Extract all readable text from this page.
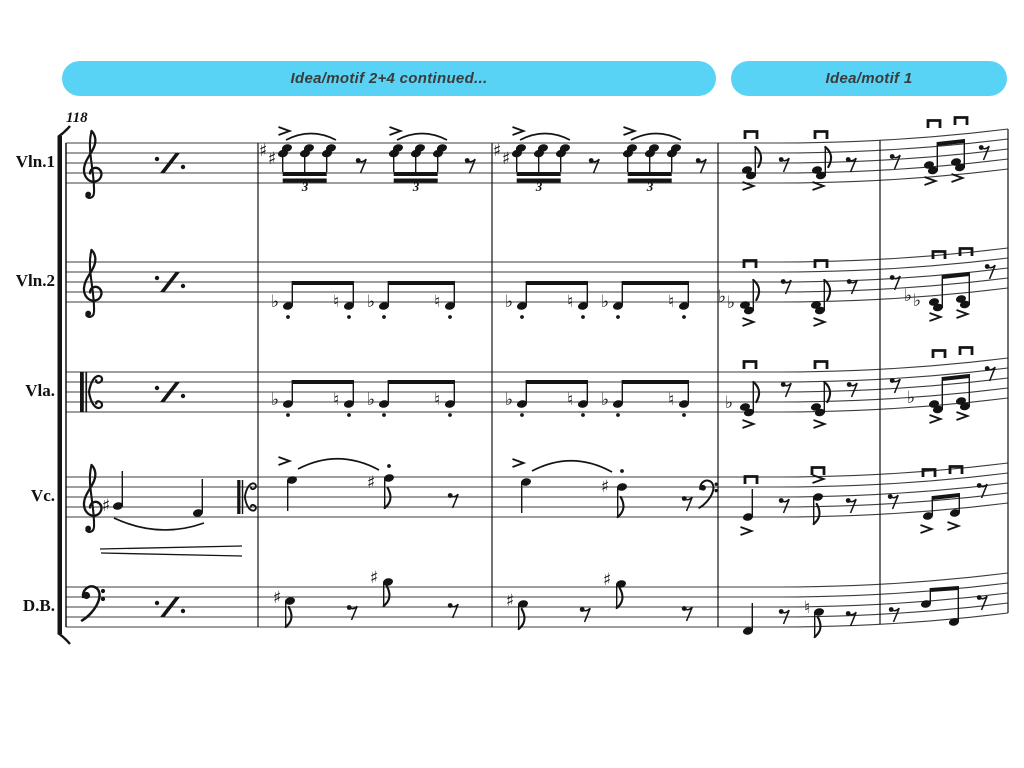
Idea/motif 2+4 continued...	Idea/motif 1
118
Vln.1
Vln.2
Vla.
Vc.
D.B.
♯ ♯
3	3
♯ ♯
3	3
♭	♮ ♭	♮	♭	♮ ♭	♮	♭ ♭	♭ ♭
♭	♮ ♭	♮	♭	♮ ♭	♮	♭	♭
♯
♯	♯
♯
♯
♯
♯
♮
